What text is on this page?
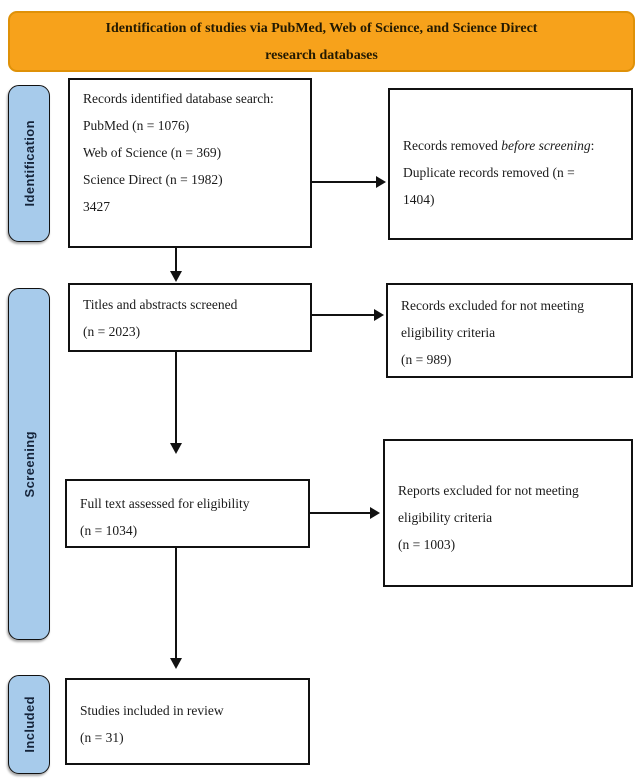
Identification of studies via PubMed, Web of Science, and Science Direct
research databases
Identification
Screening
Included

Records identified database search:

PubMed (n = 1076)

Web of Science (n = 369)

Science Direct (n = 1982)

3427

Records removed before screening:

Duplicate records removed (n = 1404)

Titles and abstracts screened

(n = 2023)

Records excluded for not meeting eligibility criteria

(n = 989)

Full text assessed for eligibility

(n = 1034)

Reports excluded for not meeting eligibility criteria

(n = 1003)

Studies included in review

(n = 31)
